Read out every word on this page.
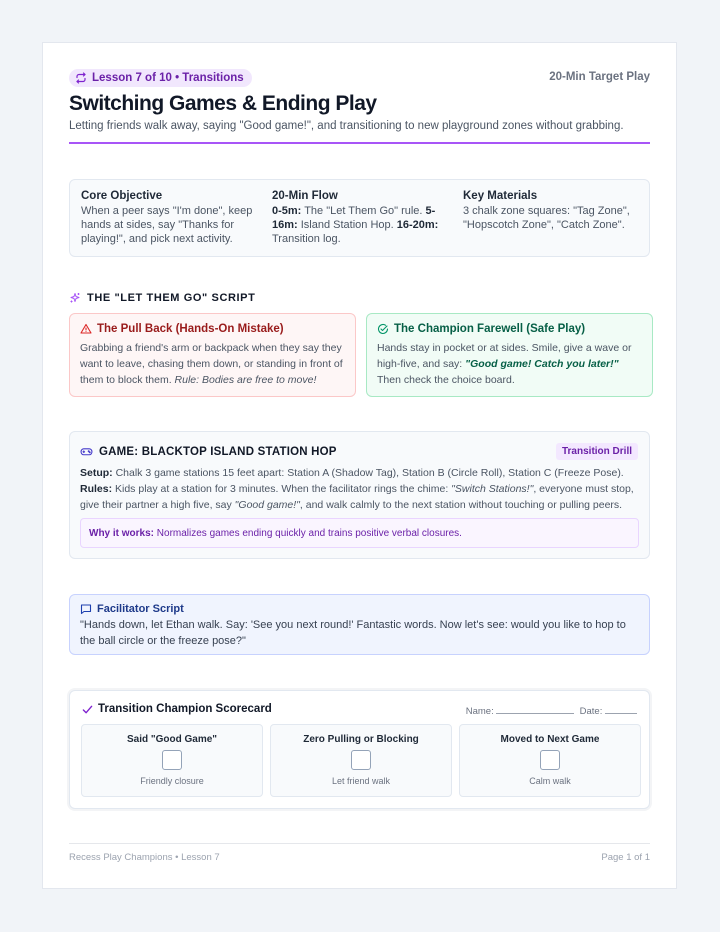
Lesson 7 of 10 • Transitions	20-Min Target Play
Switching Games & Ending Play

Letting friends walk away, saying "Good game!", and transitioning to new playground zones without grabbing.

Core Objective

When a peer says "I'm done", keep hands at sides, say "Thanks for playing!", and pick next activity.

20-Min Flow

0-5m: The "Let Them Go" rule. 5-16m: Island Station Hop. 16-20m: Transition log.

Key Materials

3 chalk zone squares: "Tag Zone", "Hopscotch Zone", "Catch Zone".

THE "LET THEM GO" SCRIPT
The Pull Back (Hands-On Mistake)

Grabbing a friend's arm or backpack when they say they want to leave, chasing them down, or standing in front of them to block them. Rule: Bodies are free to move!

The Champion Farewell (Safe Play)

Hands stay in pocket or at sides. Smile, give a wave or high-five, and say: "Good game! Catch you later!" Then check the choice board.

GAME: BLACKTOP ISLAND STATION HOP	Transition Drill
Setup: Chalk 3 game stations 15 feet apart: Station A (Shadow Tag), Station B (Circle Roll), Station C (Freeze Pose).
Rules: Kids play at a station for 3 minutes. When the facilitator rings the chime: "Switch Stations!", everyone must stop, give their partner a high five, say "Good game!", and walk calmly to the next station without touching or pulling peers.
Why it works: Normalizes games ending quickly and trains positive verbal closures.
Facilitator Script

"Hands down, let Ethan walk. Say: 'See you next round!' Fantastic words. Now let's see: would you like to hop to the ball circle or the freeze pose?"

Transition Champion Scorecard	Name:	Date:
Said "Good Game"
Friendly closure
Zero Pulling or Blocking
Let friend walk
Moved to Next Game
Calm walk
Recess Play Champions • Lesson 7	Page 1 of 1
